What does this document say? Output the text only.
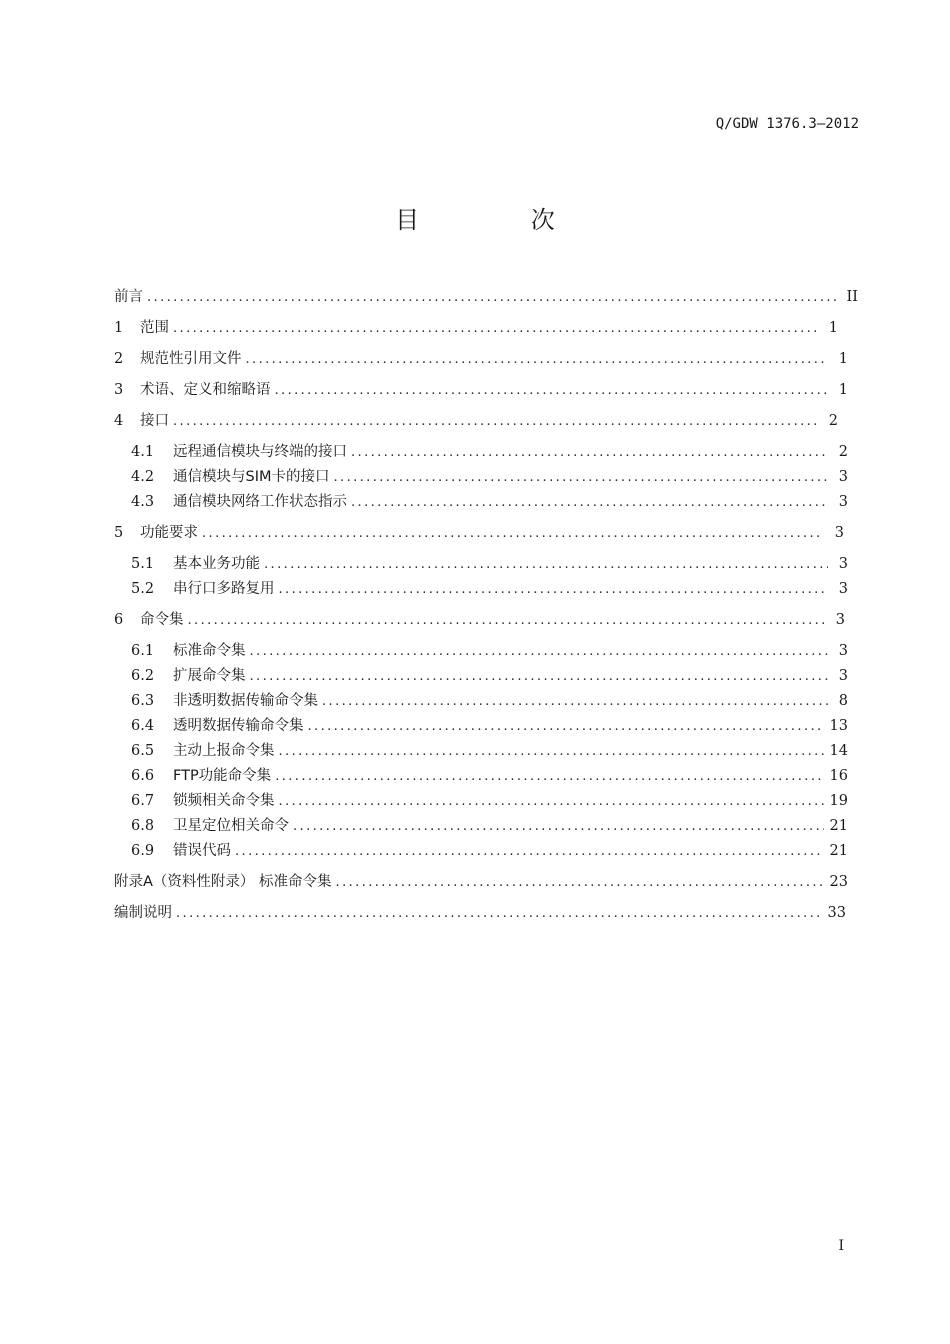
Q/GDW 1376.3—2012
目 次
前言 .....	II
1	范围 .....	1
2	规范性引用文件 .....	1
3	术语、定义和缩略语 .....	1
4	接口 .....	2
4.1	远程通信模块与终端的接口 .....	2
4.2	通信模块与SIM卡的接口 .....	3
4.3	通信模块网络工作状态指示 .....	3
5	功能要求 .....	3
5.1	基本业务功能 .....	3
5.2	串行口多路复用 .....	3
6	命令集 .....	3
6.1	标准命令集 .....	3
6.2	扩展命令集 .....	3
6.3	非透明数据传输命令集 .....	8
6.4	透明数据传输命令集 .....	13
6.5	主动上报命令集 .....	14
6.6	FTP功能命令集 .....	16
6.7	锁频相关命令集 .....	19
6.8	卫星定位相关命令 .....	21
6.9	错误代码 .....	21
附录A（资料性附录） 标准命令集 .....	23
编制说明 .....	33
I
